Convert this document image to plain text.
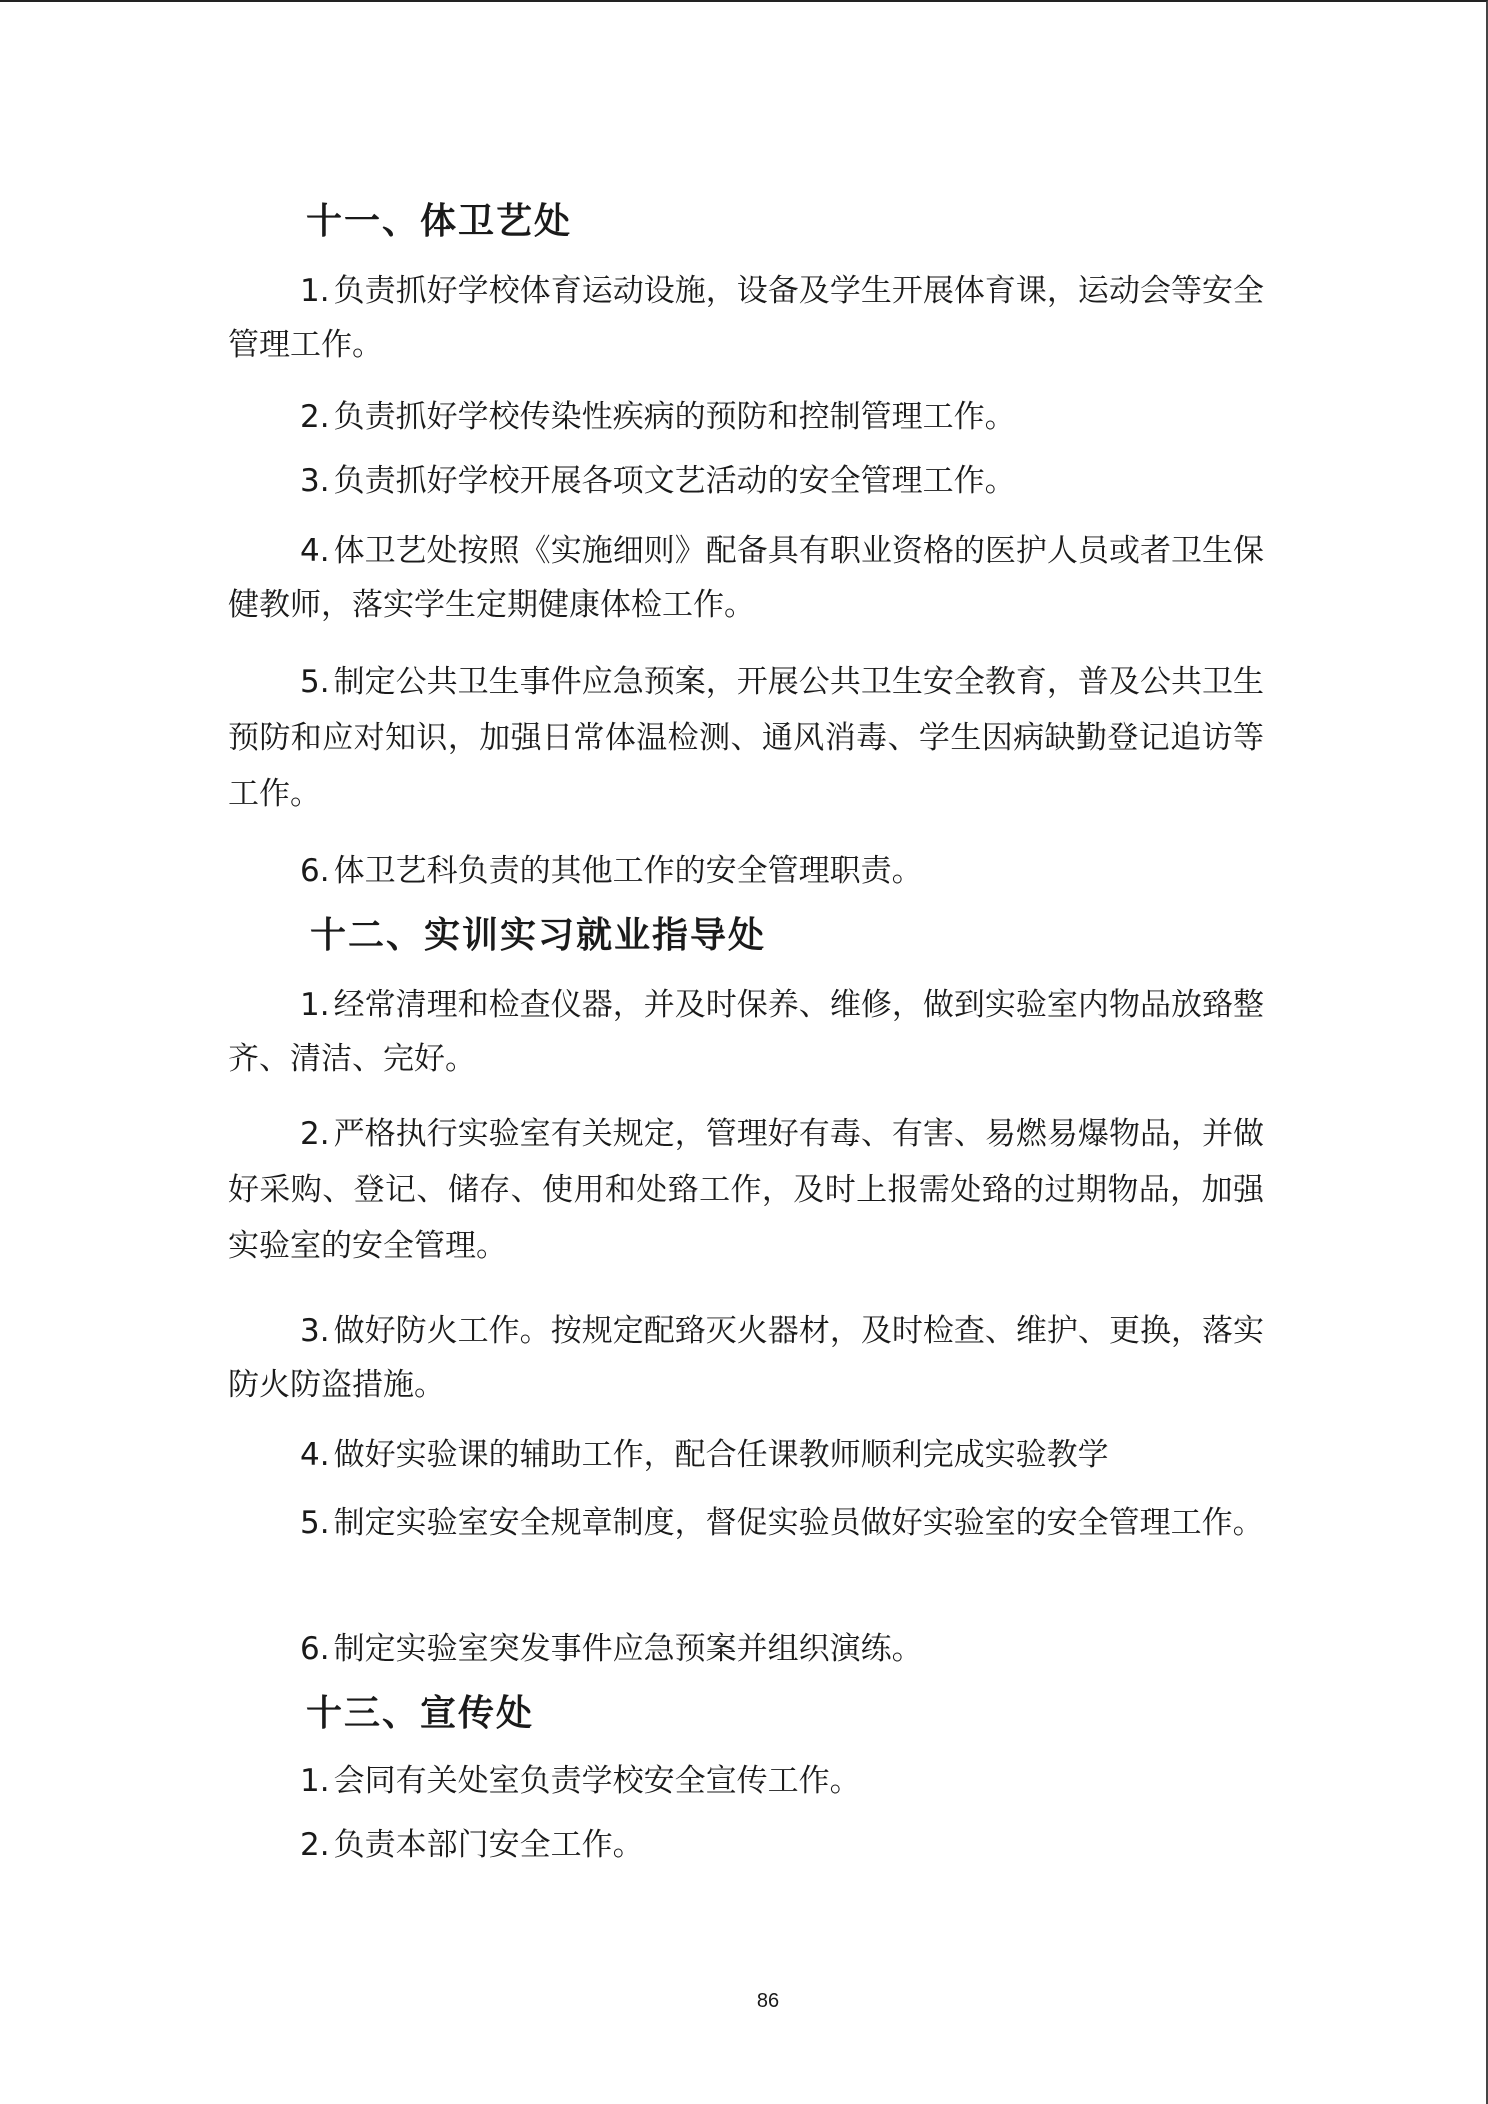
十一、体卫艺处

1. 负责抓好学校体育运动设施，设备及学生开展体育课，运动会等安全管理工作。

2. 负责抓好学校传染性疾病的预防和控制管理工作。

3. 负责抓好学校开展各项文艺活动的安全管理工作。

4. 体卫艺处按照《实施细则》配备具有职业资格的医护人员或者卫生保健教师，落实学生定期健康体检工作。

5. 制定公共卫生事件应急预案，开展公共卫生安全教育，普及公共卫生预防和应对知识，加强日常体温检测、通风消毒、学生因病缺勤登记追访等工作。

6. 体卫艺科负责的其他工作的安全管理职责。

十二、实训实习就业指导处

1. 经常清理和检查仪器，并及时保养、维修，做到实验室内物品放臵整齐、清洁、完好。

2. 严格执行实验室有关规定，管理好有毒、有害、易燃易爆物品，并做好采购、登记、储存、使用和处臵工作，及时上报需处臵的过期物品，加强实验室的安全管理。

3. 做好防火工作。按规定配臵灭火器材，及时检查、维护、更换，落实防火防盗措施。

4. 做好实验课的辅助工作，配合任课教师顺利完成实验教学

5. 制定实验室安全规章制度，督促实验员做好实验室的安全管理工作。

6. 制定实验室突发事件应急预案并组织演练。

十三、宣传处

1. 会同有关处室负责学校安全宣传工作。

2. 负责本部门安全工作。

86
